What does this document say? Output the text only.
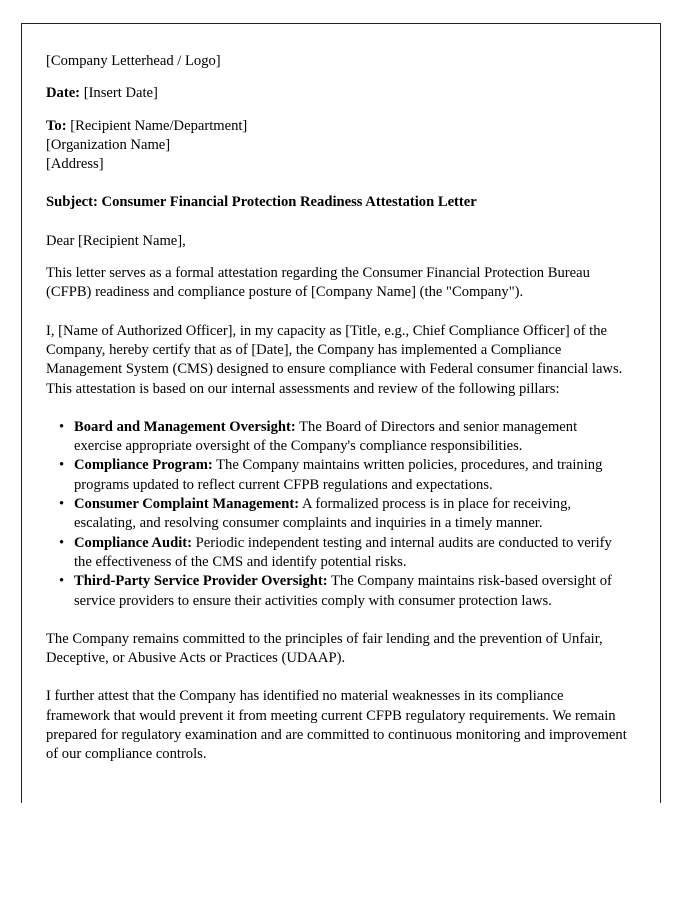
[Company Letterhead / Logo]

Date: [Insert Date]

To: [Recipient Name/Department]
[Organization Name]
[Address]

Subject: Consumer Financial Protection Readiness Attestation Letter

Dear [Recipient Name],

This letter serves as a formal attestation regarding the Consumer Financial Protection Bureau (CFPB) readiness and compliance posture of [Company Name] (the "Company").

I, [Name of Authorized Officer], in my capacity as [Title, e.g., Chief Compliance Officer] of the Company, hereby certify that as of [Date], the Company has implemented a Compliance Management System (CMS) designed to ensure compliance with Federal consumer financial laws. This attestation is based on our internal assessments and review of the following pillars:

• Board and Management Oversight: The Board of Directors and senior management exercise appropriate oversight of the Company's compliance responsibilities.
• Compliance Program: The Company maintains written policies, procedures, and training programs updated to reflect current CFPB regulations and expectations.
• Consumer Complaint Management: A formalized process is in place for receiving, escalating, and resolving consumer complaints and inquiries in a timely manner.
• Compliance Audit: Periodic independent testing and internal audits are conducted to verify the effectiveness of the CMS and identify potential risks.
• Third-Party Service Provider Oversight: The Company maintains risk-based oversight of service providers to ensure their activities comply with consumer protection laws.

The Company remains committed to the principles of fair lending and the prevention of Unfair, Deceptive, or Abusive Acts or Practices (UDAAP).

I further attest that the Company has identified no material weaknesses in its compliance framework that would prevent it from meeting current CFPB regulatory requirements. We remain prepared for regulatory examination and are committed to continuous monitoring and improvement of our compliance controls.
